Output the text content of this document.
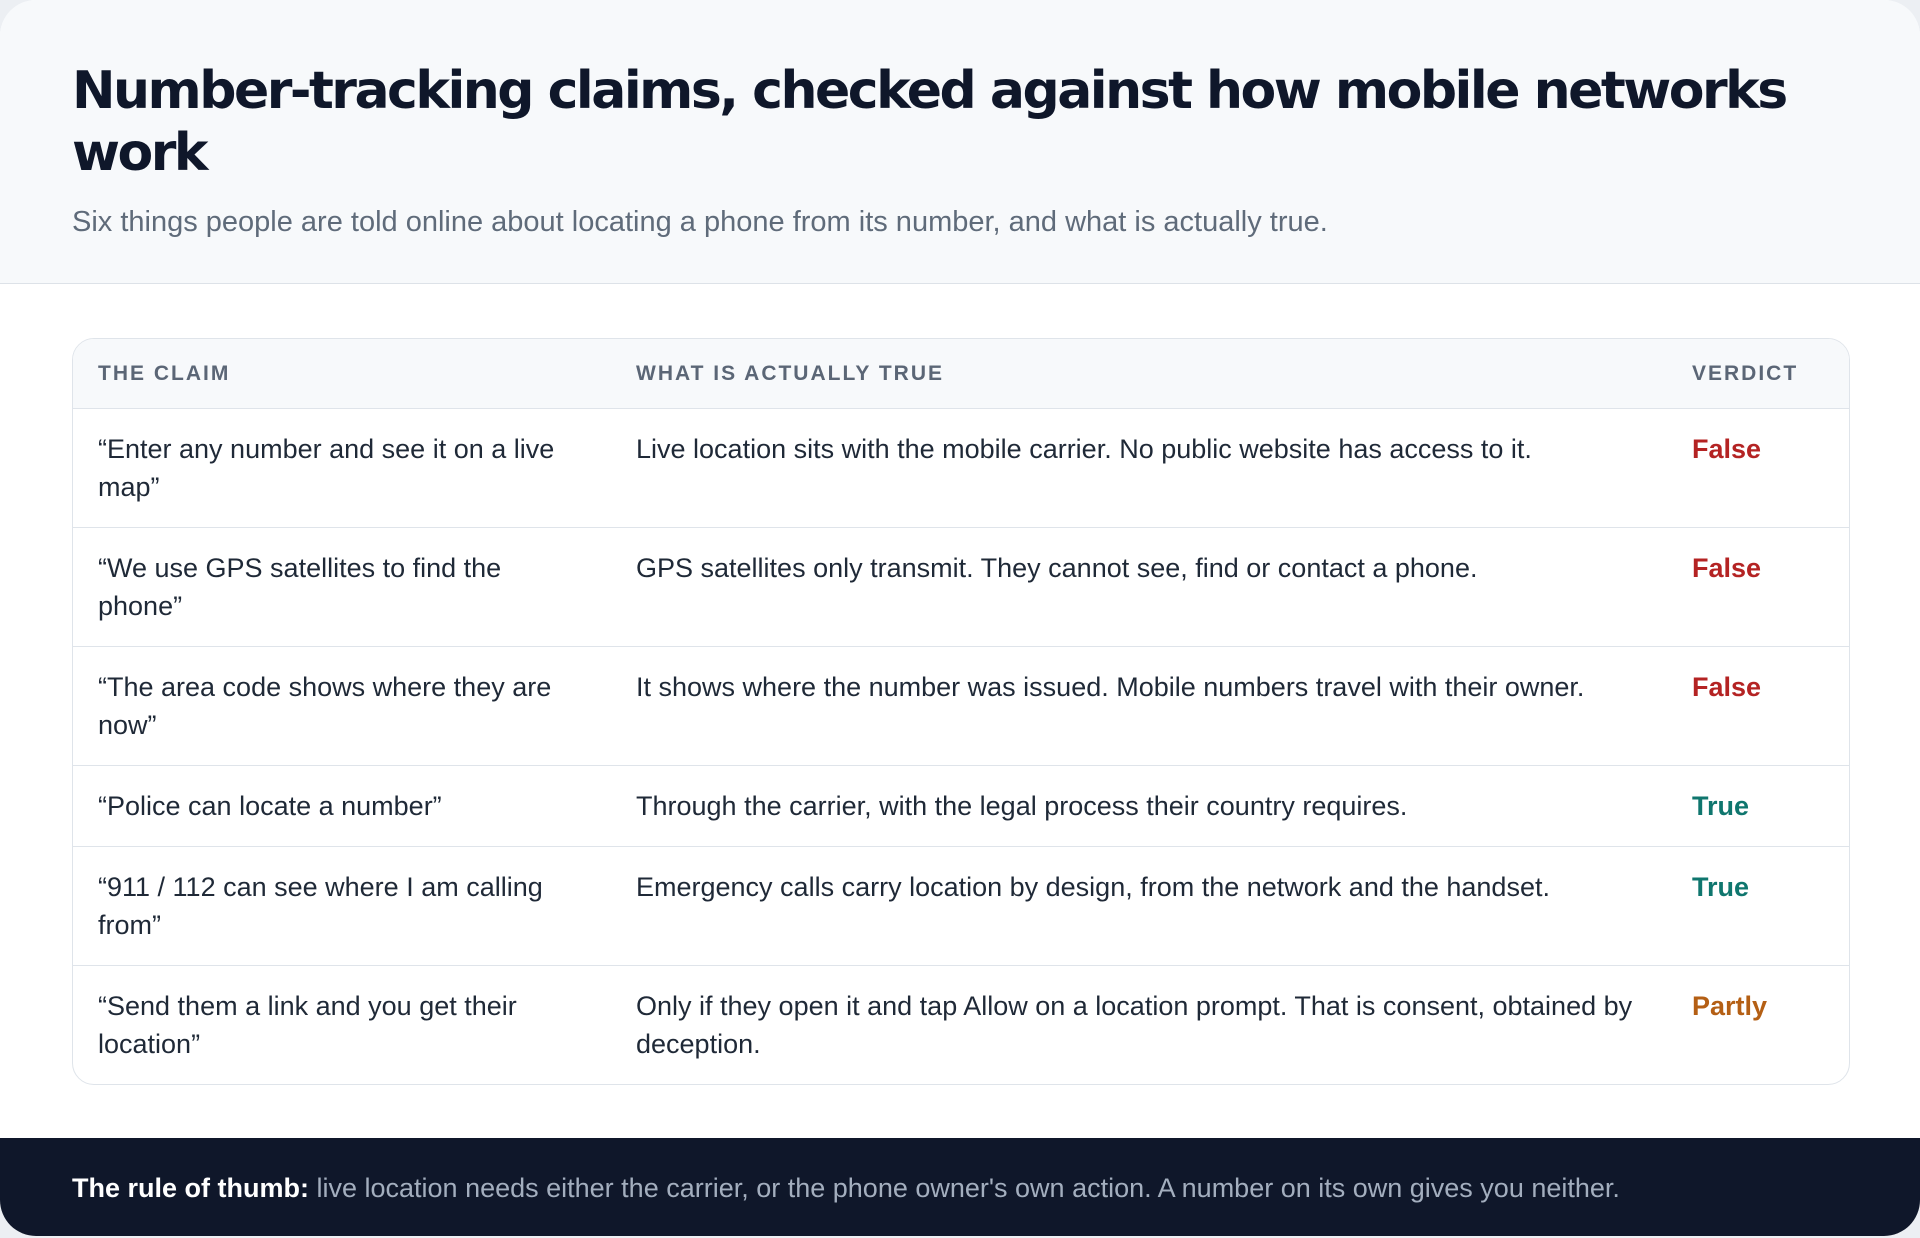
Number-tracking claims, checked against how mobile networks work

Six things people are told online about locating a phone from its number, and what is actually true.

THE CLAIM	WHAT IS ACTUALLY TRUE	VERDICT
“Enter any number and see it on a live map”	Live location sits with the mobile carrier. No public website has access to it.	False
“We use GPS satellites to find the phone”	GPS satellites only transmit. They cannot see, find or contact a phone.	False
“The area code shows where they are now”	It shows where the number was issued. Mobile numbers travel with their owner.	False
“Police can locate a number”	Through the carrier, with the legal process their country requires.	True
“911 / 112 can see where I am calling from”	Emergency calls carry location by design, from the network and the handset.	True
“Send them a link and you get their location”	Only if they open it and tap Allow on a location prompt. That is consent, obtained by deception.	Partly
The rule of thumb: live location needs either the carrier, or the phone owner's own action. A number on its own gives you neither.
